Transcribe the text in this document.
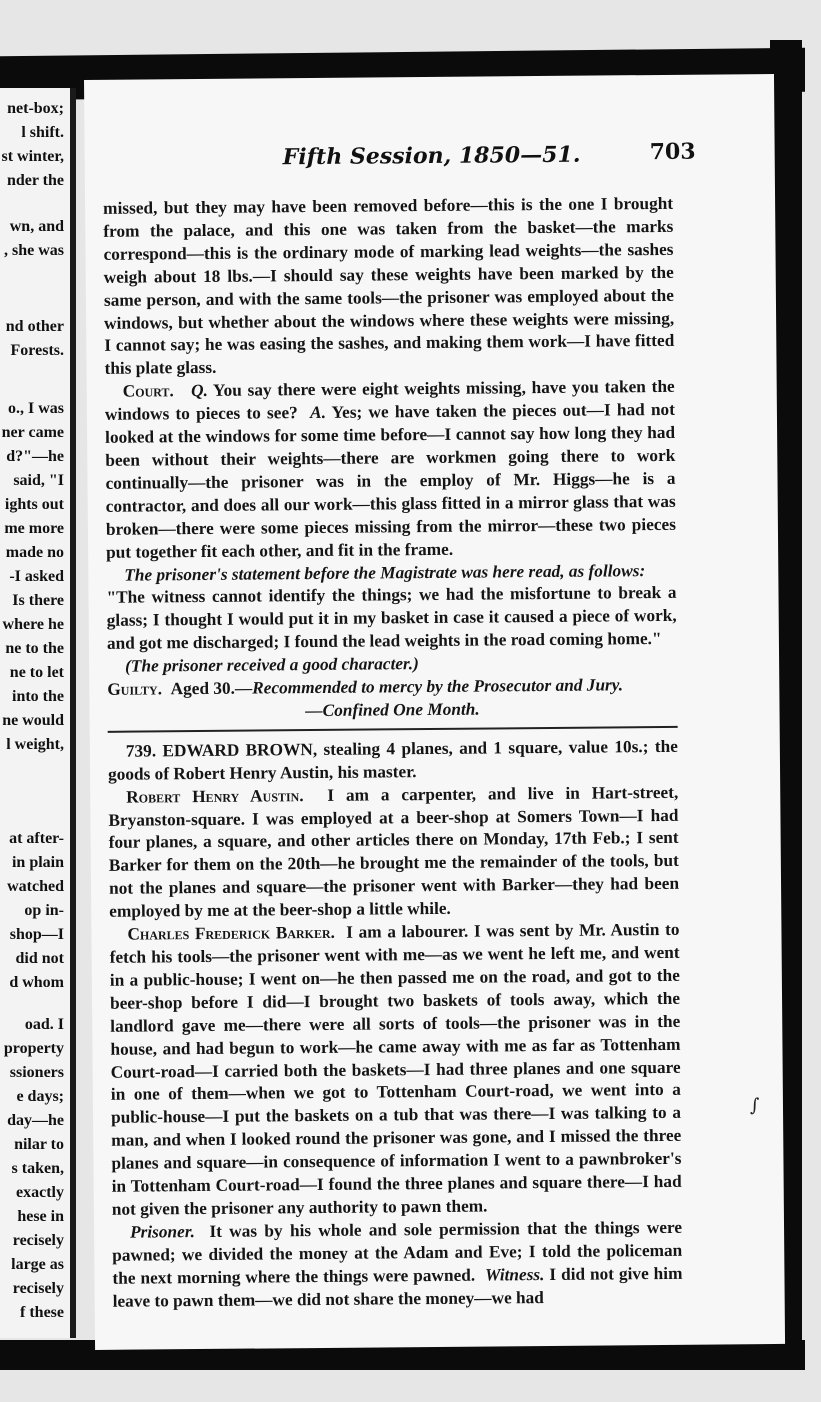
net-box;
l shift.
st winter,
nder the
wn, and
, she was
nd other
Forests.
o., I was
ner came
d?"—he
said, "I
ights out
me more
made no
-I asked
Is there
where he
ne to the
ne to let
into the
ne would
l weight,
at after-
in plain
watched
op in-
shop—I
did not
d whom
oad. I
property
ssioners
e days;
day—he
nilar to
s taken,
exactly
hese in
recisely
large as
recisely
f these
Fifth Session, 1850—51.	703

missed, but they may have been removed before—this is the one I brought from the palace, and this one was taken from the basket—the marks correspond—this is the ordinary mode of marking lead weights—the sashes weigh about 18 lbs.—I should say these weights have been marked by the same person, and with the same tools—the prisoner was employed about the windows, but whether about the windows where these weights were missing, I cannot say; he was easing the sashes, and making them work—I have fitted this plate glass.

Court. Q. You say there were eight weights missing, have you taken the windows to pieces to see? A. Yes; we have taken the pieces out—I had not looked at the windows for some time before—I cannot say how long they had been without their weights—there are workmen going there to work continually—the prisoner was in the employ of Mr. Higgs—he is a contractor, and does all our work—this glass fitted in a mirror glass that was broken—there were some pieces missing from the mirror—these two pieces put together fit each other, and fit in the frame.

The prisoner's statement before the Magistrate was here read, as follows:

"The witness cannot identify the things; we had the misfortune to break a glass; I thought I would put it in my basket in case it caused a piece of work, and got me discharged; I found the lead weights in the road coming home."

(The prisoner received a good character.)

Guilty. Aged 30.—Recommended to mercy by the Prosecutor and Jury.

—Confined One Month.

739. EDWARD BROWN, stealing 4 planes, and 1 square, value 10s.; the goods of Robert Henry Austin, his master.

Robert Henry Austin. I am a carpenter, and live in Hart-street, Bryanston-square. I was employed at a beer-shop at Somers Town—I had four planes, a square, and other articles there on Monday, 17th Feb.; I sent Barker for them on the 20th—he brought me the remainder of the tools, but not the planes and square—the prisoner went with Barker—they had been employed by me at the beer-shop a little while.

Charles Frederick Barker. I am a labourer. I was sent by Mr. Austin to fetch his tools—the prisoner went with me—as we went he left me, and went in a public-house; I went on—he then passed me on the road, and got to the beer-shop before I did—I brought two baskets of tools away, which the landlord gave me—there were all sorts of tools—the prisoner was in the house, and had begun to work—he came away with me as far as Tottenham Court-road—I carried both the baskets—I had three planes and one square in one of them—when we got to Tottenham Court-road, we went into a public-house—I put the baskets on a tub that was there—I was talking to a man, and when I looked round the prisoner was gone, and I missed the three planes and square—in consequence of information I went to a pawnbroker's in Tottenham Court-road—I found the three planes and square there—I had not given the prisoner any authority to pawn them.

Prisoner. It was by his whole and sole permission that the things were pawned; we divided the money at the Adam and Eve; I told the policeman the next morning where the things were pawned. Witness. I did not give him leave to pawn them—we did not share the money—we had

∫
